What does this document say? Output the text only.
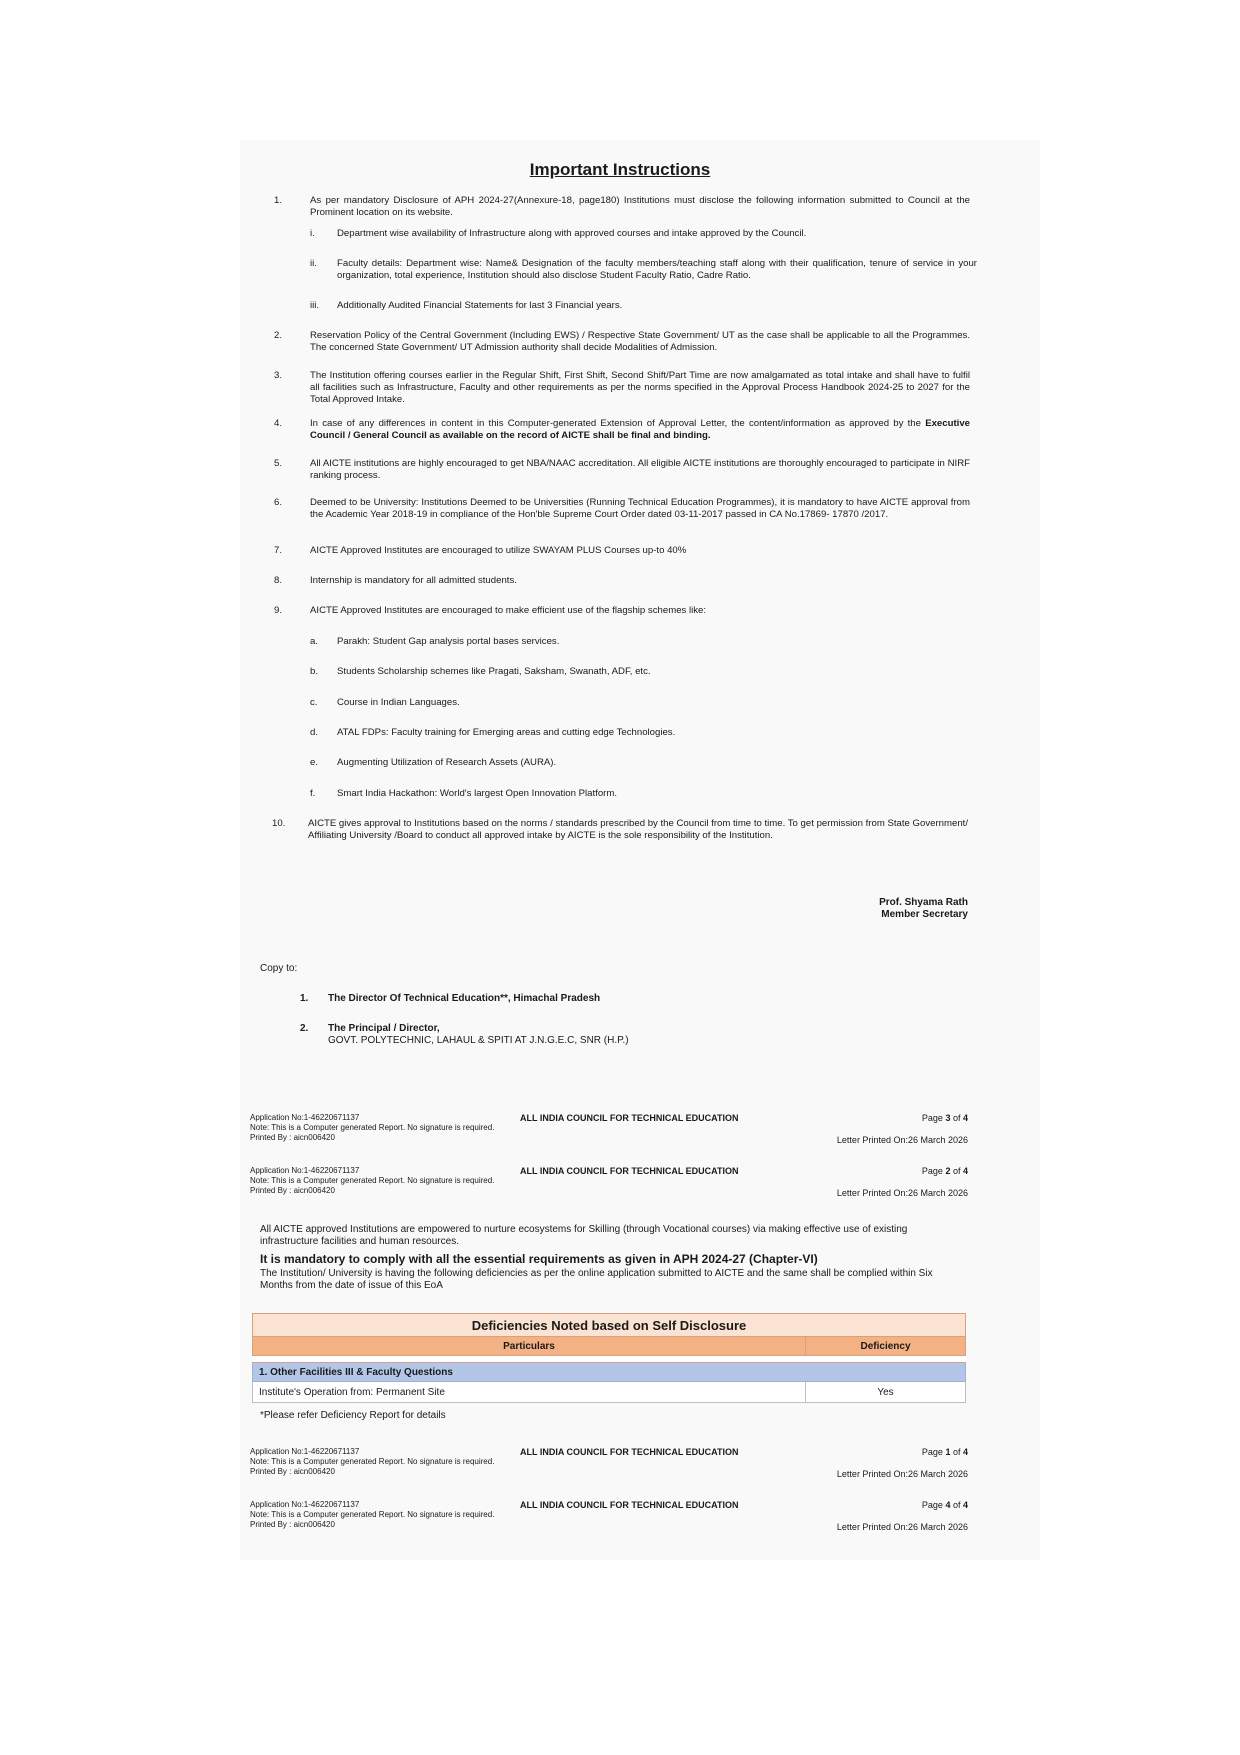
Important Instructions
1.	As per mandatory Disclosure of APH 2024-27(Annexure-18, page180) Institutions must disclose the following information submitted to Council at the Prominent location on its website.
i. Department wise availability of Infrastructure along with approved courses and intake approved by the Council.
ii. Faculty details: Department wise: Name& Designation of the faculty members/teaching staff along with their qualification, tenure of service in your organization, total experience, Institution should also disclose Student Faculty Ratio, Cadre Ratio.
iii. Additionally Audited Financial Statements for last 3 Financial years.
2.	Reservation Policy of the Central Government (Including EWS) / Respective State Government/ UT as the case shall be applicable to all the Programmes. The concerned State Government/ UT Admission authority shall decide Modalities of Admission.
3.	The Institution offering courses earlier in the Regular Shift, First Shift, Second Shift/Part Time are now amalgamated as total intake and shall have to fulfil all facilities such as Infrastructure, Faculty and other requirements as per the norms specified in the Approval Process Handbook 2024-25 to 2027 for the Total Approved Intake.
4.	In case of any differences in content in this Computer-generated Extension of Approval Letter, the content/information as approved by the Executive Council / General Council as available on the record of AICTE shall be final and binding.
5.	All AICTE institutions are highly encouraged to get NBA/NAAC accreditation. All eligible AICTE institutions are thoroughly encouraged to participate in NIRF ranking process.
6.	Deemed to be University: Institutions Deemed to be Universities (Running Technical Education Programmes), it is mandatory to have AICTE approval from the Academic Year 2018-19 in compliance of the Hon'ble Supreme Court Order dated 03-11-2017 passed in CA No.17869- 17870 /2017.
7.	AICTE Approved Institutes are encouraged to utilize SWAYAM PLUS Courses up-to 40%
8.	Internship is mandatory for all admitted students.
9.	AICTE Approved Institutes are encouraged to make efficient use of the flagship schemes like:
a. Parakh: Student Gap analysis portal bases services.
b. Students Scholarship schemes like Pragati, Saksham, Swanath, ADF, etc.
c. Course in Indian Languages.
d. ATAL FDPs: Faculty training for Emerging areas and cutting edge Technologies.
e. Augmenting Utilization of Research Assets (AURA).
f. Smart India Hackathon: World's largest Open Innovation Platform.
10. AICTE gives approval to Institutions based on the norms / standards prescribed by the Council from time to time. To get permission from State Government/ Affiliating University /Board to conduct all approved intake by AICTE is the sole responsibility of the Institution.
Prof. Shyama Rath
Member Secretary
Copy to:
1. The Director Of Technical Education**, Himachal Pradesh
2. The Principal / Director,
GOVT. POLYTECHNIC, LAHAUL & SPITI AT J.N.G.E.C, SNR (H.P.)
Application No:1-46220671137
Note: This is a Computer generated Report. No signature is required.
Printed By : aicn006420
ALL INDIA COUNCIL FOR TECHNICAL EDUCATION	Page 3 of 4
Letter Printed On:26 March 2026
Application No:1-46220671137
Note: This is a Computer generated Report. No signature is required.
Printed By : aicn006420
ALL INDIA COUNCIL FOR TECHNICAL EDUCATION	Page 2 of 4
Letter Printed On:26 March 2026
All AICTE approved Institutions are empowered to nurture ecosystems for Skilling (through Vocational courses) via making effective use of existing infrastructure facilities and human resources.
It is mandatory to comply with all the essential requirements as given in APH 2024-27 (Chapter-VI)
The Institution/ University is having the following deficiencies as per the online application submitted to AICTE and the same shall be complied within Six Months from the date of issue of this EoA
Deficiencies Noted based on Self Disclosure	
Particulars	Deficiency

1. Other Facilities III & Faculty Questions	
Institute's Operation from: Permanent Site	Yes
*Please refer Deficiency Report for details
Application No:1-46220671137
Note: This is a Computer generated Report. No signature is required.
Printed By : aicn006420
ALL INDIA COUNCIL FOR TECHNICAL EDUCATION	Page 1 of 4
Letter Printed On:26 March 2026
Application No:1-46220671137
Note: This is a Computer generated Report. No signature is required.
Printed By : aicn006420
ALL INDIA COUNCIL FOR TECHNICAL EDUCATION	Page 4 of 4
Letter Printed On:26 March 2026
